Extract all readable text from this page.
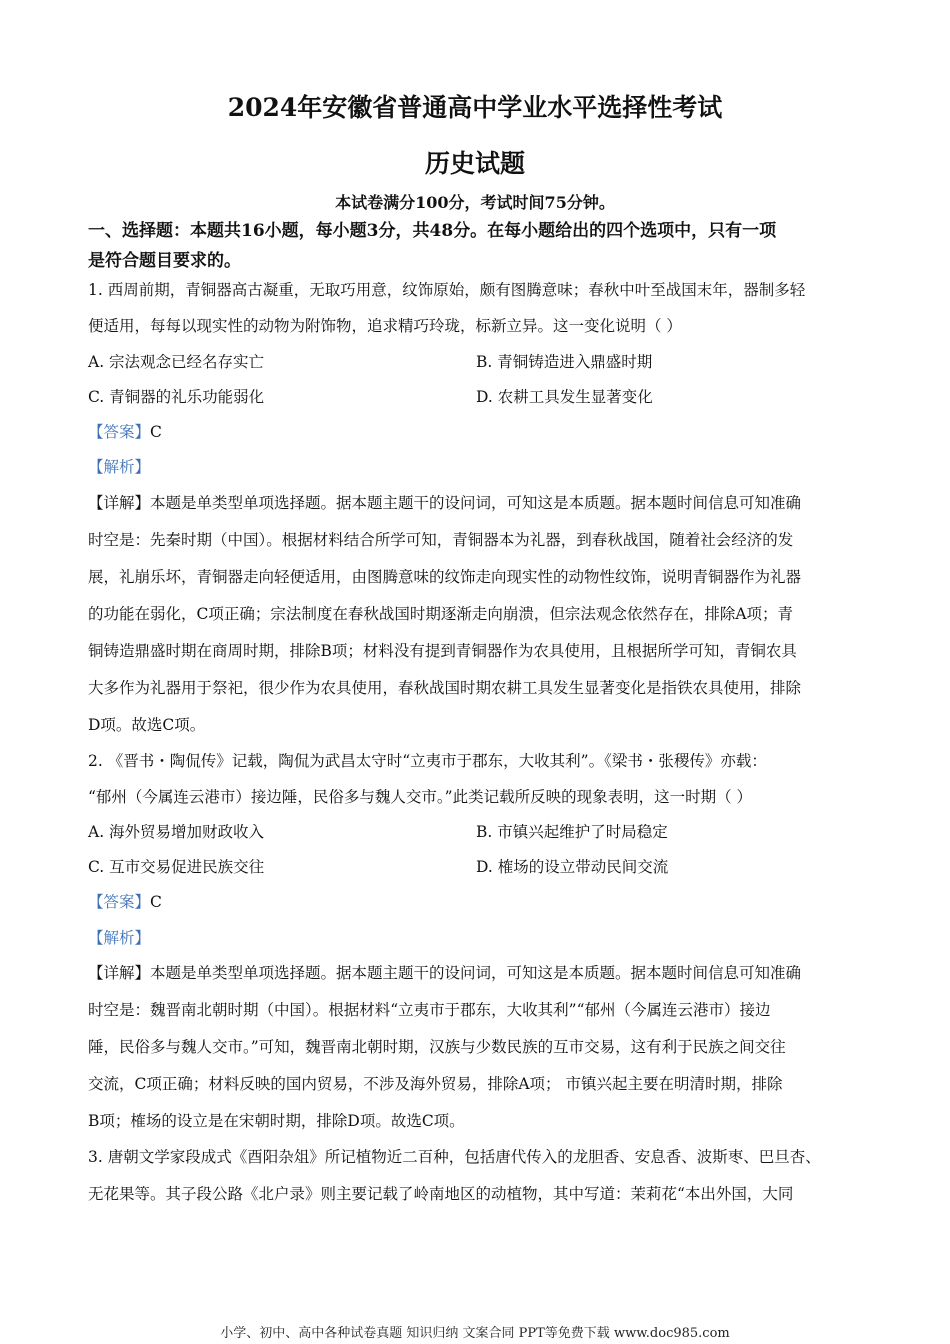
2024年安徽省普通高中学业水平选择性考试
历史试题
本试卷满分100分，考试时间75分钟。
一、选择题：本题共16小题，每小题3分，共48分。在每小题给出的四个选项中，只有一项
是符合题目要求的。
1. 西周前期，青铜器高古凝重，无取巧用意，纹饰原始，颇有图腾意味；春秋中叶至战国末年，器制多轻
便适用，每每以现实性的动物为附饰物，追求精巧玲珑，标新立异。这一变化说明（ ）
A. 宗法观念已经名存实亡	B. 青铜铸造进入鼎盛时期
C. 青铜器的礼乐功能弱化	D. 农耕工具发生显著变化
【答案】C
【解析】
【详解】本题是单类型单项选择题。据本题主题干的设问词，可知这是本质题。据本题时间信息可知准确
时空是：先秦时期（中国）。根据材料结合所学可知，青铜器本为礼器，到春秋战国，随着社会经济的发
展，礼崩乐坏，青铜器走向轻便适用，由图腾意味的纹饰走向现实性的动物性纹饰，说明青铜器作为礼器
的功能在弱化，C项正确；宗法制度在春秋战国时期逐渐走向崩溃，但宗法观念依然存在，排除A项；青
铜铸造鼎盛时期在商周时期，排除B项；材料没有提到青铜器作为农具使用，且根据所学可知，青铜农具
大多作为礼器用于祭祀，很少作为农具使用，春秋战国时期农耕工具发生显著变化是指铁农具使用，排除
D项。故选C项。
2. 《晋书・陶侃传》记载，陶侃为武昌太守时“立夷市于郡东，大收其利”。《梁书・张稷传》亦载：
“郁州（今属连云港市）接边陲，民俗多与魏人交市。”此类记载所反映的现象表明，这一时期（ ）
A. 海外贸易增加财政收入	B. 市镇兴起维护了时局稳定
C. 互市交易促进民族交往	D. 榷场的设立带动民间交流
【答案】C
【解析】
【详解】本题是单类型单项选择题。据本题主题干的设问词，可知这是本质题。据本题时间信息可知准确
时空是：魏晋南北朝时期（中国）。根据材料“立夷市于郡东，大收其利”“郁州（今属连云港市）接边
陲，民俗多与魏人交市。”可知，魏晋南北朝时期，汉族与少数民族的互市交易，这有利于民族之间交往
交流，C项正确；材料反映的国内贸易，不涉及海外贸易，排除A项； 市镇兴起主要在明清时期，排除
B项；榷场的设立是在宋朝时期，排除D项。故选C项。
3. 唐朝文学家段成式《酉阳杂俎》所记植物近二百种，包括唐代传入的龙胆香、安息香、波斯枣、巴旦杏、
无花果等。其子段公路《北户录》则主要记载了岭南地区的动植物，其中写道：茉莉花“本出外国，大同
小学、初中、高中各种试卷真题 知识归纳 文案合同 PPT等免费下载 www.doc985.com
